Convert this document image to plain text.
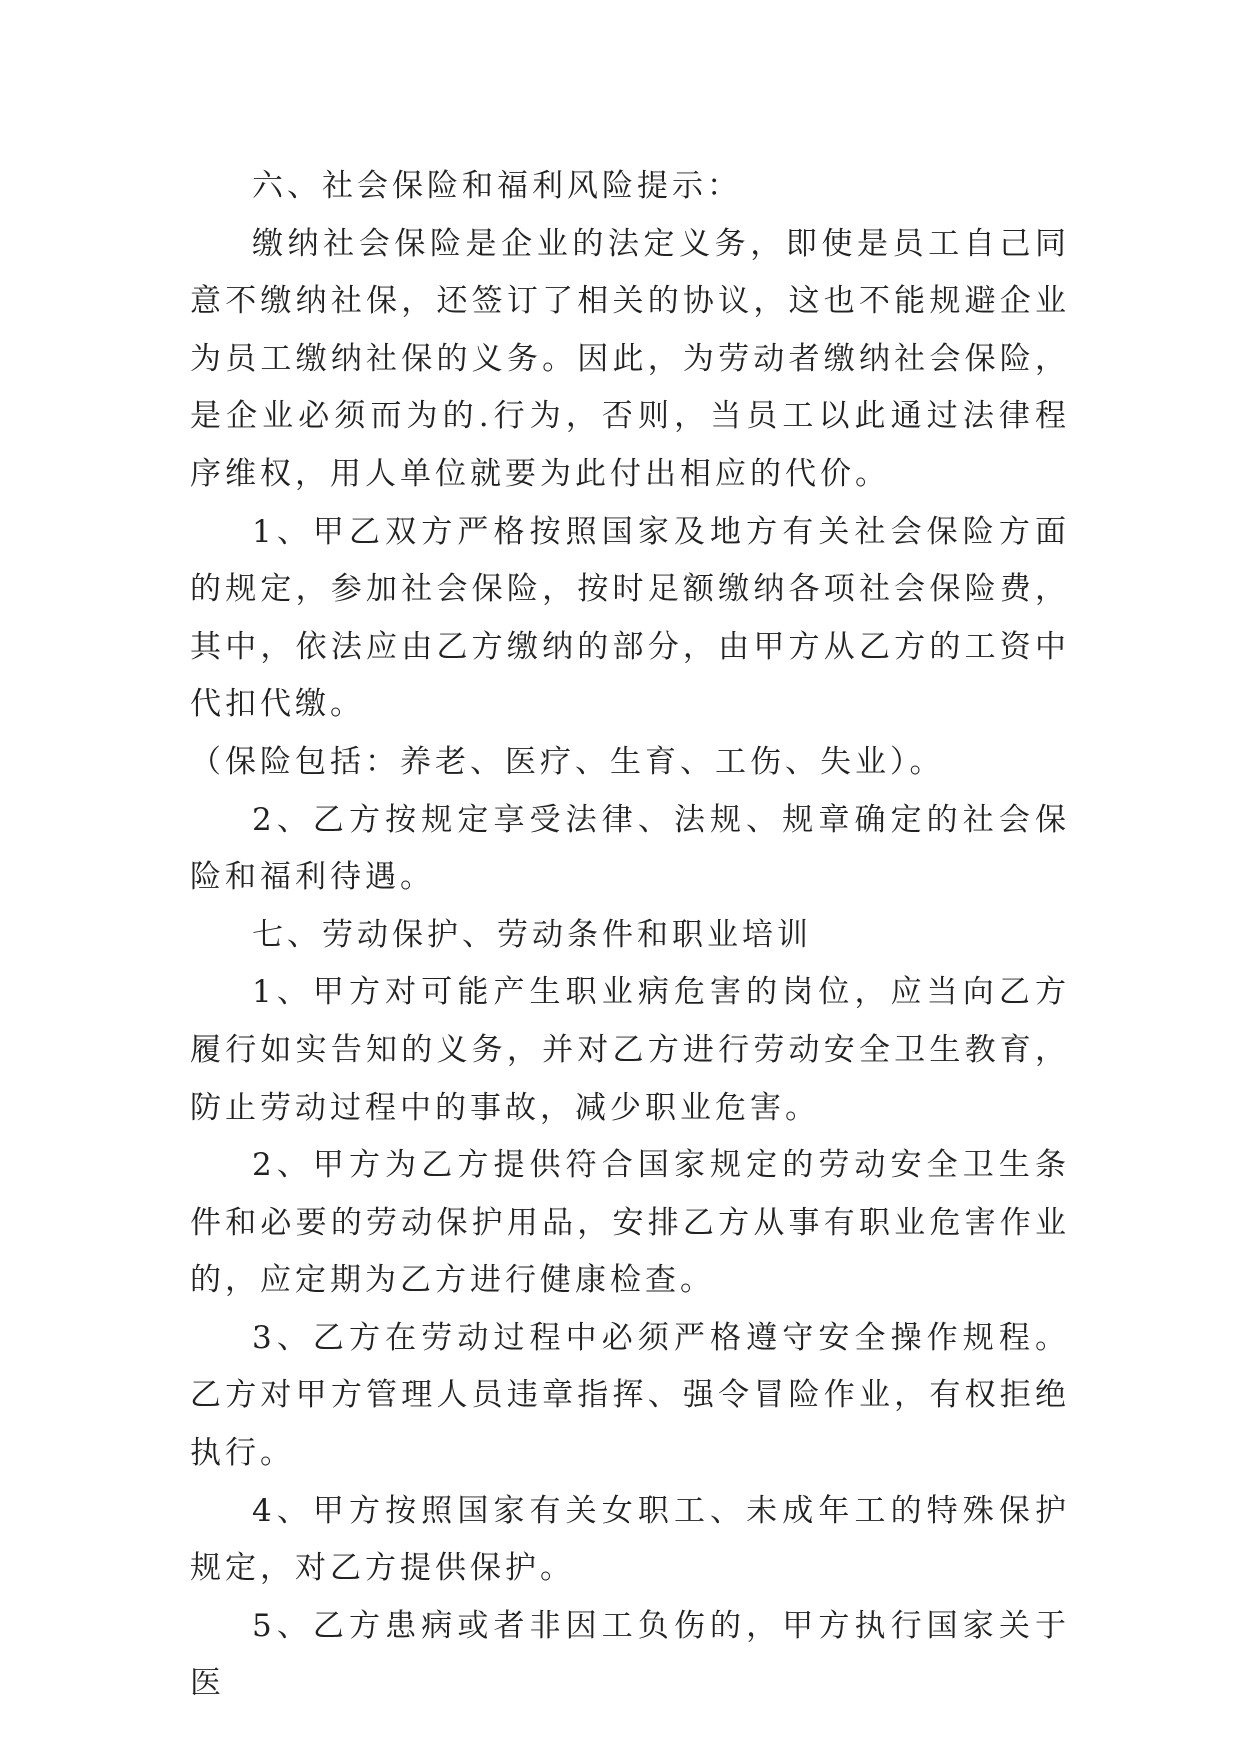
六、社会保险和福利风险提示：

缴纳社会保险是企业的法定义务，即使是员工自己同意不缴纳社保，还签订了相关的协议，这也不能规避企业为员工缴纳社保的义务。因此，为劳动者缴纳社会保险，是企业必须而为的.行为，否则，当员工以此通过法律程序维权，用人单位就要为此付出相应的代价。

1、甲乙双方严格按照国家及地方有关社会保险方面的规定，参加社会保险，按时足额缴纳各项社会保险费，其中，依法应由乙方缴纳的部分，由甲方从乙方的工资中代扣代缴。

（保险包括：养老、医疗、生育、工伤、失业）。

2、乙方按规定享受法律、法规、规章确定的社会保险和福利待遇。

七、劳动保护、劳动条件和职业培训

1、甲方对可能产生职业病危害的岗位，应当向乙方履行如实告知的义务，并对乙方进行劳动安全卫生教育，防止劳动过程中的事故，减少职业危害。

2、甲方为乙方提供符合国家规定的劳动安全卫生条件和必要的劳动保护用品，安排乙方从事有职业危害作业的，应定期为乙方进行健康检查。

3、乙方在劳动过程中必须严格遵守安全操作规程。乙方对甲方管理人员违章指挥、强令冒险作业，有权拒绝执行。

4、甲方按照国家有关女职工、未成年工的特殊保护规定，对乙方提供保护。

5、乙方患病或者非因工负伤的，甲方执行国家关于医
